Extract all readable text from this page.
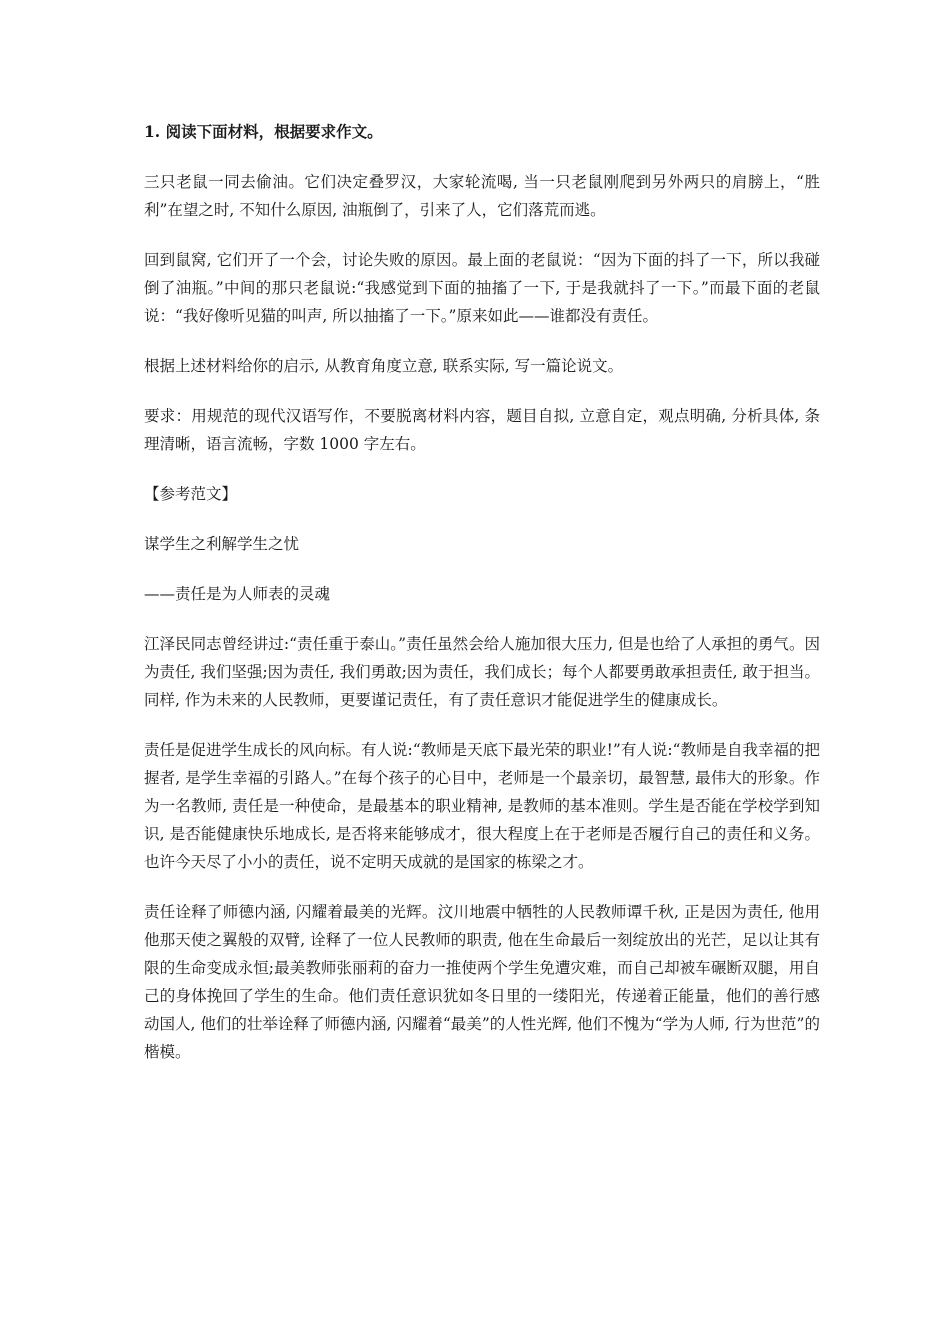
1. 阅读下面材料，根据要求作文。

三只老鼠一同去偷油。它们决定叠罗汉，大家轮流喝, 当一只老鼠刚爬到另外两只的肩膀上，“胜利”在望之时, 不知什么原因, 油瓶倒了，引来了人，它们落荒而逃。

回到鼠窝, 它们开了一个会，讨论失败的原因。最上面的老鼠说：“因为下面的抖了一下，所以我碰倒了油瓶。”中间的那只老鼠说:“我感觉到下面的抽搐了一下, 于是我就抖了一下。”而最下面的老鼠说：“我好像听见猫的叫声, 所以抽搐了一下。”原来如此——谁都没有责任。

根据上述材料给你的启示, 从教育角度立意, 联系实际, 写一篇论说文。

要求：用规范的现代汉语写作，不要脱离材料内容，题目自拟, 立意自定，观点明确, 分析具体, 条理清晰，语言流畅，字数 1000 字左右。

【参考范文】

谋学生之利解学生之忧

——责任是为人师表的灵魂

江泽民同志曾经讲过:“责任重于泰山。”责任虽然会给人施加很大压力, 但是也给了人承担的勇气。因为责任, 我们坚强;因为责任, 我们勇敢;因为责任，我们成长；每个人都要勇敢承担责任, 敢于担当。同样, 作为未来的人民教师，更要谨记责任，有了责任意识才能促进学生的健康成长。

责任是促进学生成长的风向标。有人说:“教师是天底下最光荣的职业!”有人说:“教师是自我幸福的把握者, 是学生幸福的引路人。”在每个孩子的心目中，老师是一个最亲切，最智慧, 最伟大的形象。作为一名教师, 责任是一种使命，是最基本的职业精神, 是教师的基本准则。学生是否能在学校学到知识, 是否能健康快乐地成长, 是否将来能够成才，很大程度上在于老师是否履行自己的责任和义务。也许今天尽了小小的责任，说不定明天成就的是国家的栋梁之才。

责任诠释了师德内涵, 闪耀着最美的光辉。汶川地震中牺牲的人民教师谭千秋, 正是因为责任, 他用他那天使之翼般的双臂, 诠释了一位人民教师的职责, 他在生命最后一刻绽放出的光芒，足以让其有限的生命变成永恒;最美教师张丽莉的奋力一推使两个学生免遭灾难，而自己却被车碾断双腿，用自己的身体挽回了学生的生命。他们责任意识犹如冬日里的一缕阳光，传递着正能量，他们的善行感动国人, 他们的壮举诠释了师德内涵, 闪耀着“最美”的人性光辉, 他们不愧为“学为人师, 行为世范”的楷模。
